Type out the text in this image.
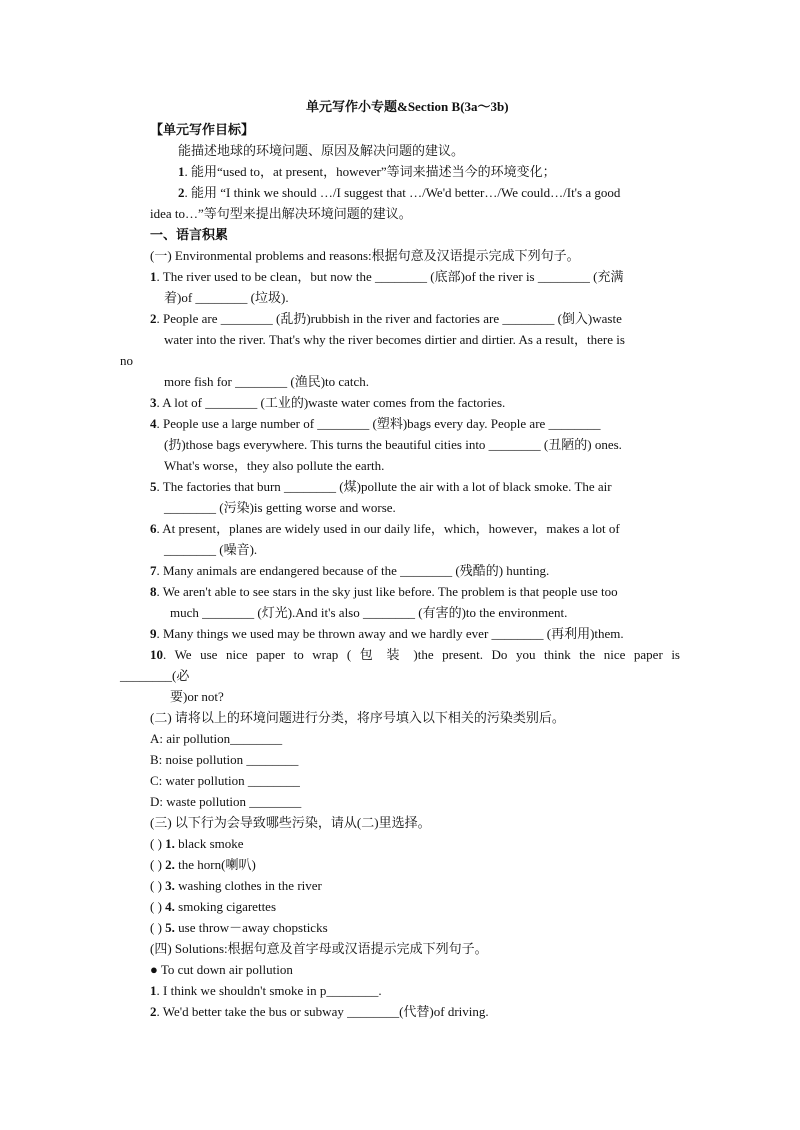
单元写作小专题&Section B(3a～3b)
【单元写作目标】
能描述地球的环境问题、原因及解决问题的建议。
1. 能用“used to，at present，however”等词来描述当今的环境变化；
2. 能用 “I think we should …/I suggest that …/We'd better…/We could…/It's a good
idea to…”等句型来提出解决环境问题的建议。
一、语言积累
(一) Environmental problems and reasons:根据句意及汉语提示完成下列句子。
1. The river used to be clean，but now the ________ (底部)of the river is ________ (充满
着)of ________ (垃圾).
2. People are ________ (乱扔)rubbish in the river and factories are ________ (倒入)waste
water into the river. That's why the river becomes dirtier and dirtier. As a result，there is
no
more fish for ________ (渔民)to catch.
3. A lot of ________ (工业的)waste water comes from the factories.
4. People use a large number of ________ (塑料)bags every day. People are ________
(扔)those bags everywhere. This turns the beautiful cities into ________ (丑陋的) ones.
What's worse，they also pollute the earth.
5. The factories that burn ________ (煤)pollute the air with a lot of black smoke. The air
________ (污染)is getting worse and worse.
6. At present，planes are widely used in our daily life，which，however，makes a lot of
________ (噪音).
7. Many animals are endangered because of the ________ (残酷的) hunting.
8. We aren't able to see stars in the sky just like before. The problem is that people use too
much ________ (灯光).And it's also ________ (有害的)to the environment.
9. Many things we used may be thrown away and we hardly ever ________ (再利用)them.
10. We use nice paper to wrap ( 包 装 )the present. Do you think the nice paper is
________(必
要)or not?
(二) 请将以上的环境问题进行分类，将序号填入以下相关的污染类别后。
A: air pollution________
B: noise pollution ________
C: water pollution ________
D: waste pollution ________
(三) 以下行为会导致哪些污染，请从(二)里选择。
( ) 1. black smoke
( ) 2. the horn(喇叭)
( ) 3. washing clothes in the river
( ) 4. smoking cigarettes
( ) 5. use throw－away chopsticks
(四) Solutions:根据句意及首字母或汉语提示完成下列句子。
● To cut down air pollution
1. I think we shouldn't smoke in p________.
2. We'd better take the bus or subway ________(代替)of driving.
